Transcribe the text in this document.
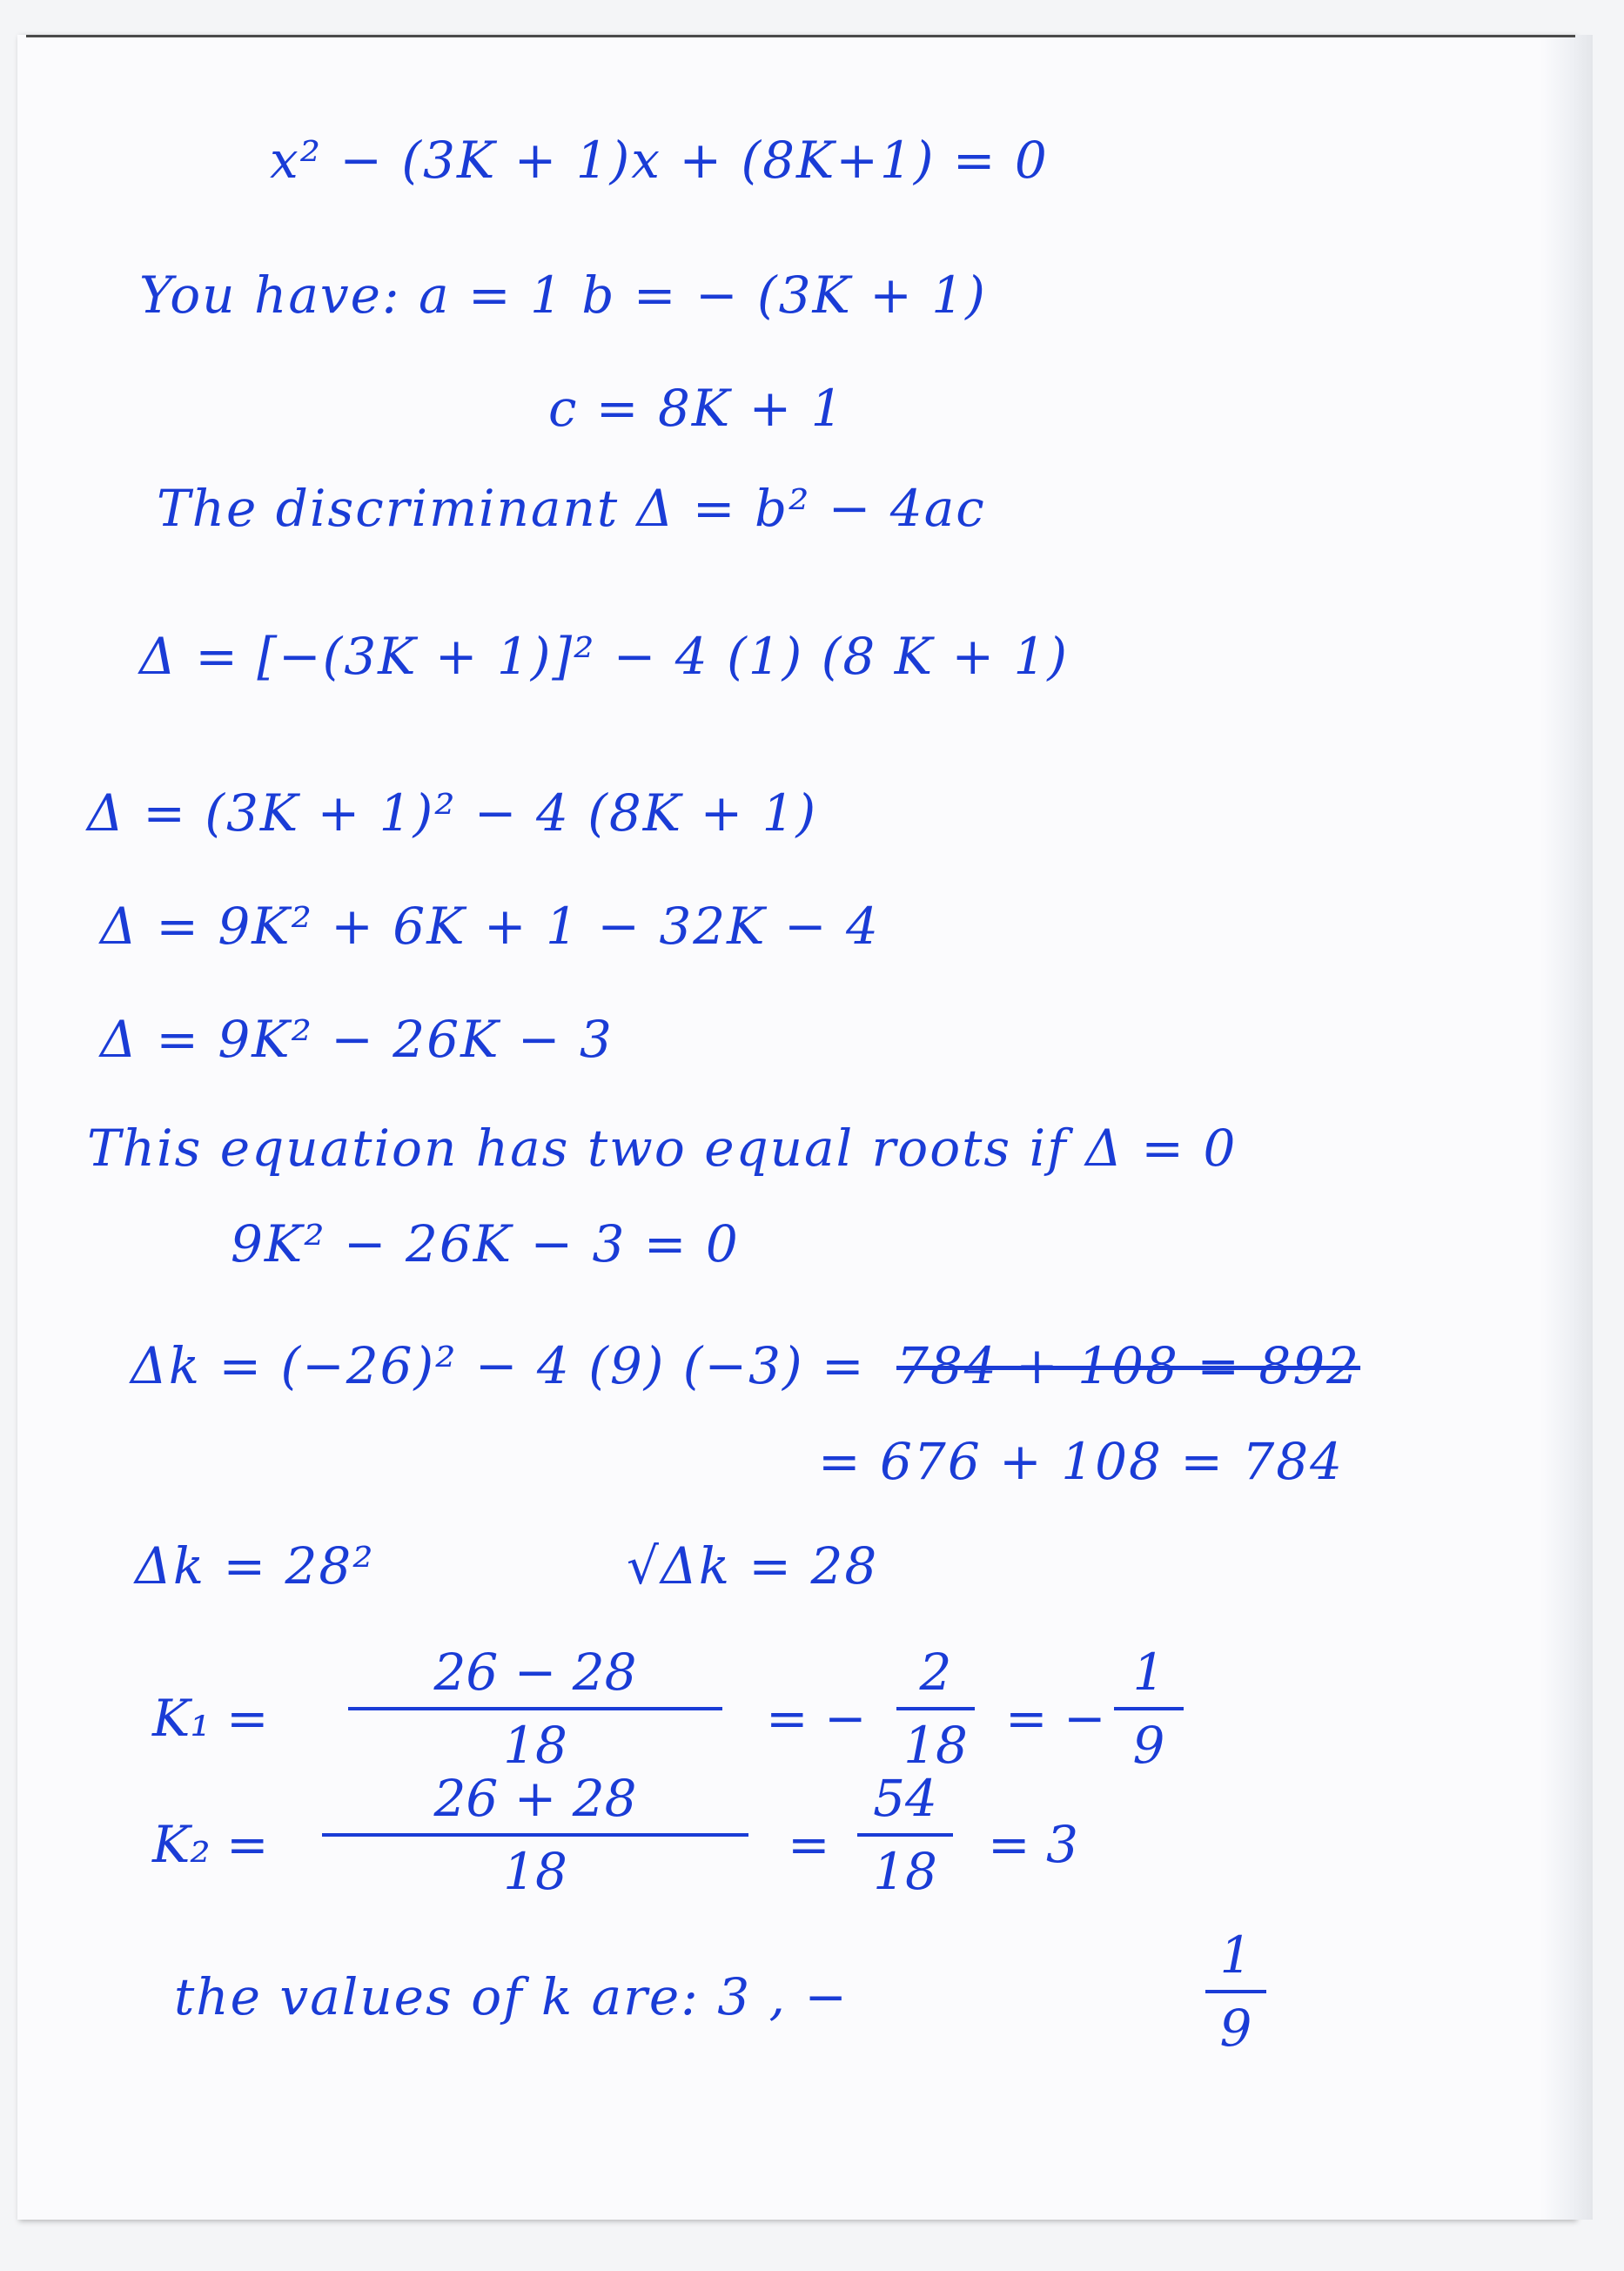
x² − (3K + 1)x + (8K+1) = 0
You have: a = 1 b = − (3K + 1)
c = 8K + 1
The discriminant Δ = b² − 4ac
Δ = [−(3K + 1)]² − 4 (1) (8 K + 1)
Δ = (3K + 1)² − 4 (8K + 1)
Δ = 9K² + 6K + 1 − 32K − 4
Δ = 9K² − 26K − 3
This equation has two equal roots if Δ = 0
9K² − 26K − 3 = 0
Δk = (−26)² − 4 (9) (−3) = 784 + 108 = 892
= 676 + 108 = 784
Δk = 28²	√Δk = 28
K₁ =
26 − 28
18	= −
2
18 = −
1
9
K₂ =
26 + 28
18	=
54
18	= 3
the values of k are: 3 , −
1
9
